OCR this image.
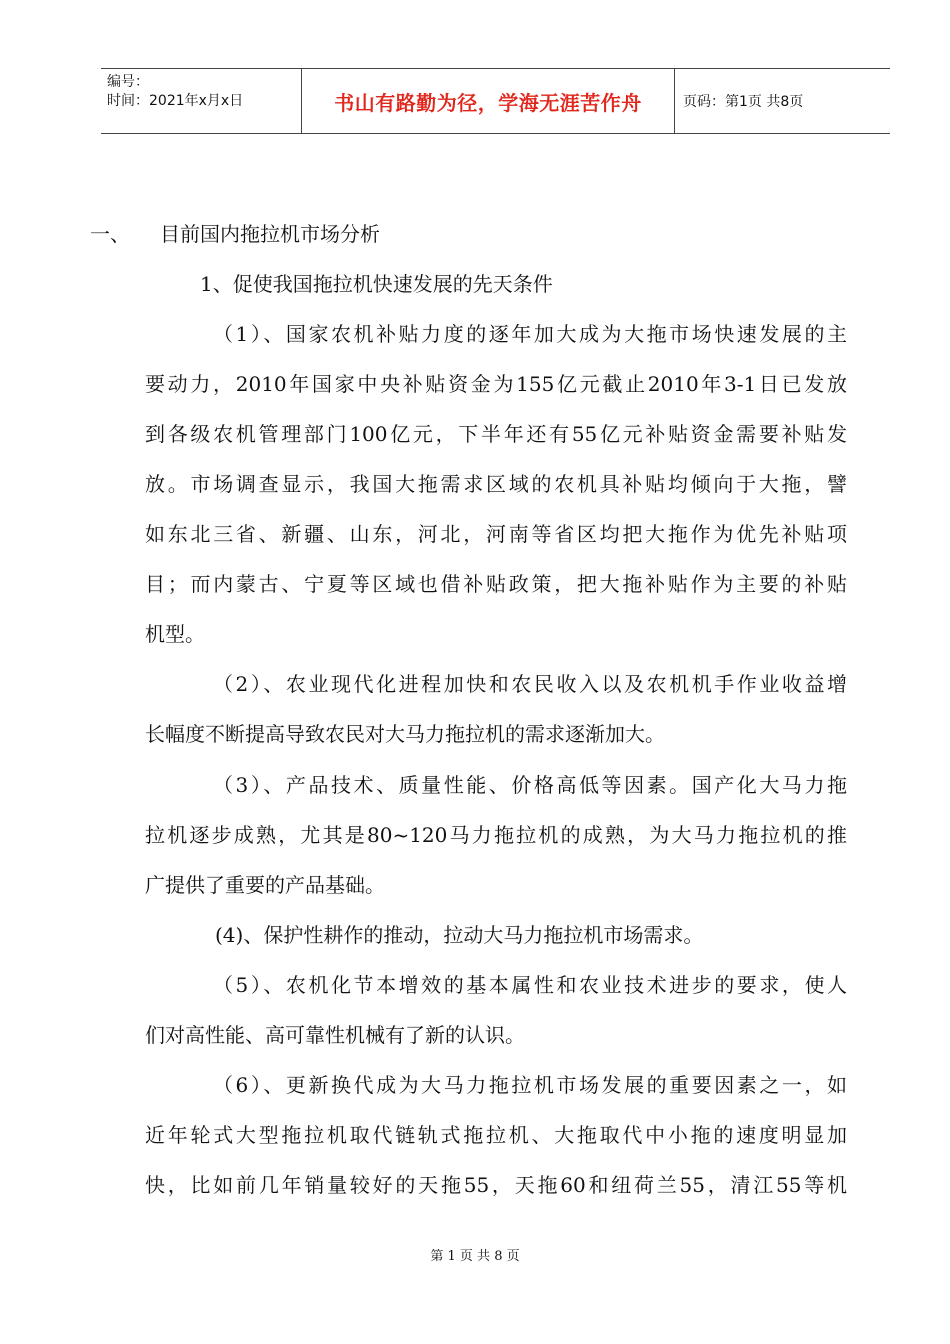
编号：
时间：2021年x月x日	书山有路勤为径，学海无涯苦作舟	页码：第1页 共8页
一、 目前国内拖拉机市场分析
1、促使我国拖拉机快速发展的先天条件
（1）、国家农机补贴力度的逐年加大成为大拖市场快速发展的主
要动力，2010年国家中央补贴资金为155亿元截止2010年3-1日已发放
到各级农机管理部门100亿元，下半年还有55亿元补贴资金需要补贴发
放。市场调查显示，我国大拖需求区域的农机具补贴均倾向于大拖，譬
如东北三省、新疆、山东，河北，河南等省区均把大拖作为优先补贴项
目；而内蒙古、宁夏等区域也借补贴政策，把大拖补贴作为主要的补贴
机型。
（2）、农业现代化进程加快和农民收入以及农机机手作业收益增
长幅度不断提高导致农民对大马力拖拉机的需求逐渐加大。
（3）、产品技术、质量性能、价格高低等因素。国产化大马力拖
拉机逐步成熟，尤其是80~120马力拖拉机的成熟，为大马力拖拉机的推
广提供了重要的产品基础。
(4)、保护性耕作的推动，拉动大马力拖拉机市场需求。
（5）、农机化节本增效的基本属性和农业技术进步的要求，使人
们对高性能、高可靠性机械有了新的认识。
（6）、更新换代成为大马力拖拉机市场发展的重要因素之一，如
近年轮式大型拖拉机取代链轨式拖拉机、大拖取代中小拖的速度明显加
快，比如前几年销量较好的天拖55，天拖60和纽荷兰55，清江55等机
第 1 页 共 8 页
